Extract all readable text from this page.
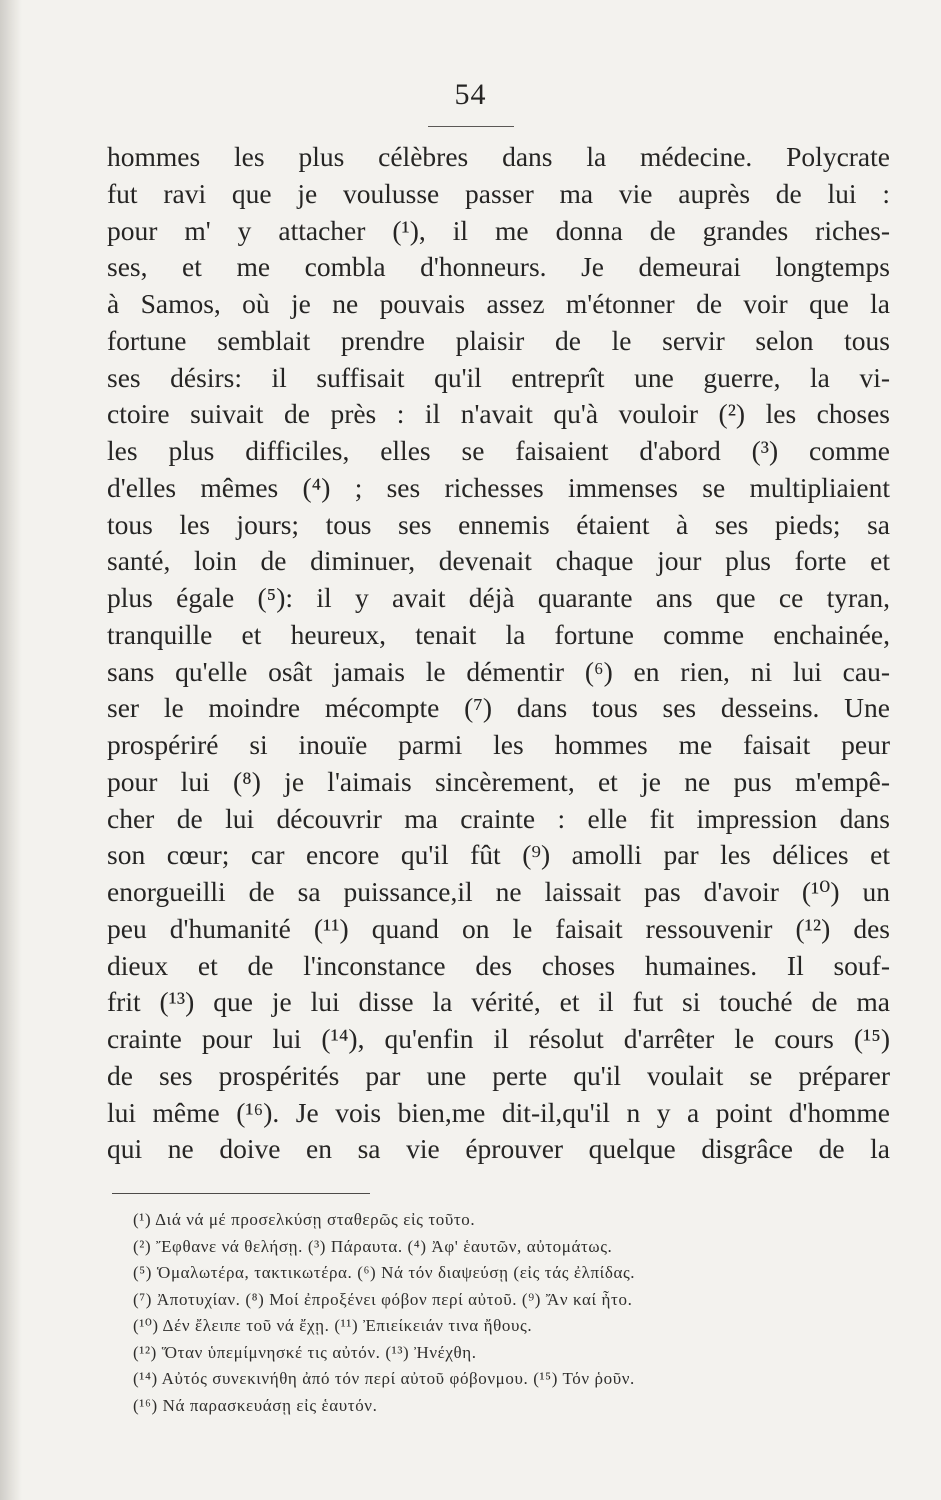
54
hommes les plus célèbres dans la médecine. Polycrate
fut ravi que je voulusse passer ma vie auprès de lui :
pour m' y attacher (¹), il me donna de grandes riches-
ses, et me combla d'honneurs. Je demeurai longtemps
à Samos, où je ne pouvais assez m'étonner de voir que la
fortune semblait prendre plaisir de le servir selon tous
ses désirs: il suffisait qu'il entreprît une guerre, la vi-
ctoire suivait de près : il n'avait qu'à vouloir (²) les choses
les plus difficiles, elles se faisaient d'abord (³) comme
d'elles mêmes (⁴) ; ses richesses immenses se multipliaient
tous les jours; tous ses ennemis étaient à ses pieds; sa
santé, loin de diminuer, devenait chaque jour plus forte et
plus égale (⁵): il y avait déjà quarante ans que ce tyran,
tranquille et heureux, tenait la fortune comme enchainée,
sans qu'elle osât jamais le démentir (⁶) en rien, ni lui cau-
ser le moindre mécompte (⁷) dans tous ses desseins. Une
prospériré si inouïe parmi les hommes me faisait peur
pour lui (⁸) je l'aimais sincèrement, et je ne pus m'empê-
cher de lui découvrir ma crainte : elle fit impression dans
son cœur; car encore qu'il fût (⁹) amolli par les délices et
enorgueilli de sa puissance,il ne laissait pas d'avoir (¹⁰) un
peu d'humanité (¹¹) quand on le faisait ressouvenir (¹²) des
dieux et de l'inconstance des choses humaines. Il souf-
frit (¹³) que je lui disse la vérité, et il fut si touché de ma
crainte pour lui (¹⁴), qu'enfin il résolut d'arrêter le cours (¹⁵)
de ses prospérités par une perte qu'il voulait se préparer
lui même (¹⁶). Je vois bien,me dit-il,qu'il n y a point d'homme
qui ne doive en sa vie éprouver quelque disgrâce de la
(¹) Διά νά μέ προσελκύσῃ σταθερῶς εἰς τοῦτο.
(²) Ἔφθανε νά θελήσῃ. (³) Πάραυτα. (⁴) Ἀφ' ἑαυτῶν, αὐτομάτως.
(⁵) Ὁμαλωτέρα, τακτικωτέρα. (⁶) Νά τόν διαψεύσῃ (εἰς τάς ἐλπίδας.
(⁷) Ἀποτυχίαν. (⁸) Μοί ἐπροξένει φόβον περί αὐτοῦ. (⁹) Ἄν καί ἦτο.
(¹⁰) Δέν ἔλειπε τοῦ νά ἔχῃ. (¹¹) Ἐπιείκειάν τινα ἤθους.
(¹²) Ὅταν ὑπεμίμνησκέ τις αὐτόν. (¹³) Ἠνέχθη.
(¹⁴) Αὐτός συνεκινήθη ἀπό τόν περί αὐτοῦ φόβονμου. (¹⁵) Τόν ῥοῦν.
(¹⁶) Νά παρασκευάσῃ εἰς ἑαυτόν.
